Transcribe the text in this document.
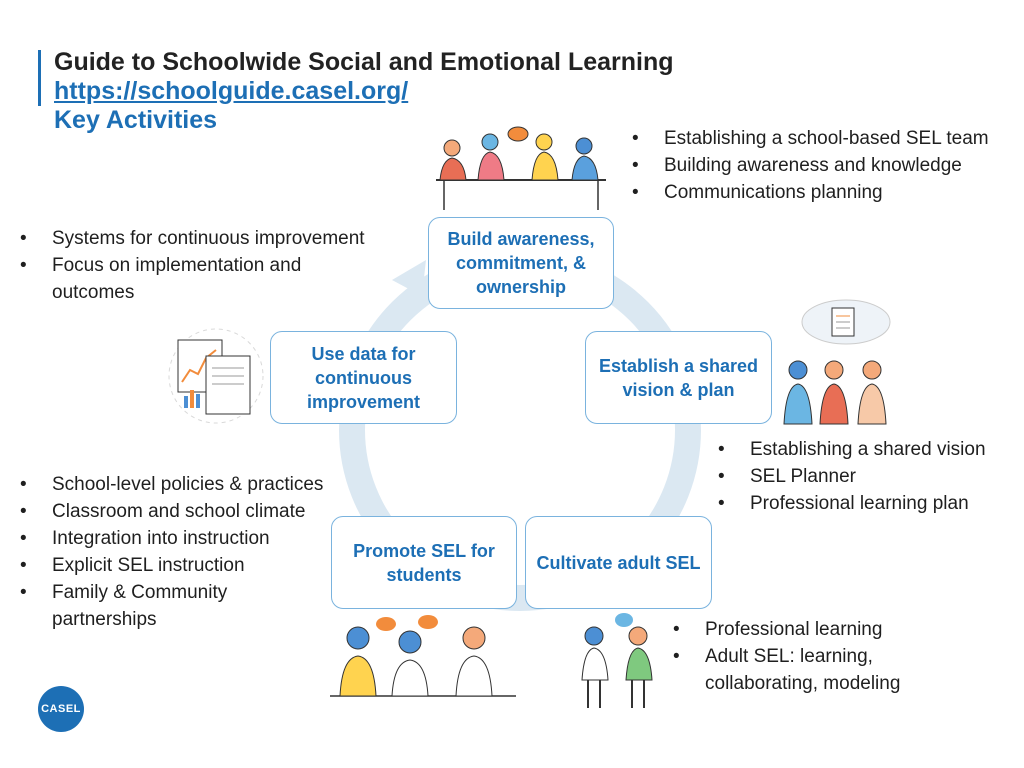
Guide to Schoolwide Social and Emotional Learning
https://schoolguide.casel.org/
Key Activities
Build awareness, commitment, & ownership
Establish a shared vision & plan
Cultivate adult SEL
Promote SEL for students
Use data for continuous improvement
• Establishing a school-based SEL team
• Building awareness and knowledge
• Communications planning
• Systems for continuous improvement
• Focus on implementation and outcomes
• Establishing a shared vision
• SEL Planner
• Professional learning plan
• School-level policies & practices
• Classroom and school climate
• Integration into instruction
• Explicit SEL instruction
• Family & Community partnerships
•	Professional learning
• Adult SEL: learning, collaborating, modeling
CASEL
